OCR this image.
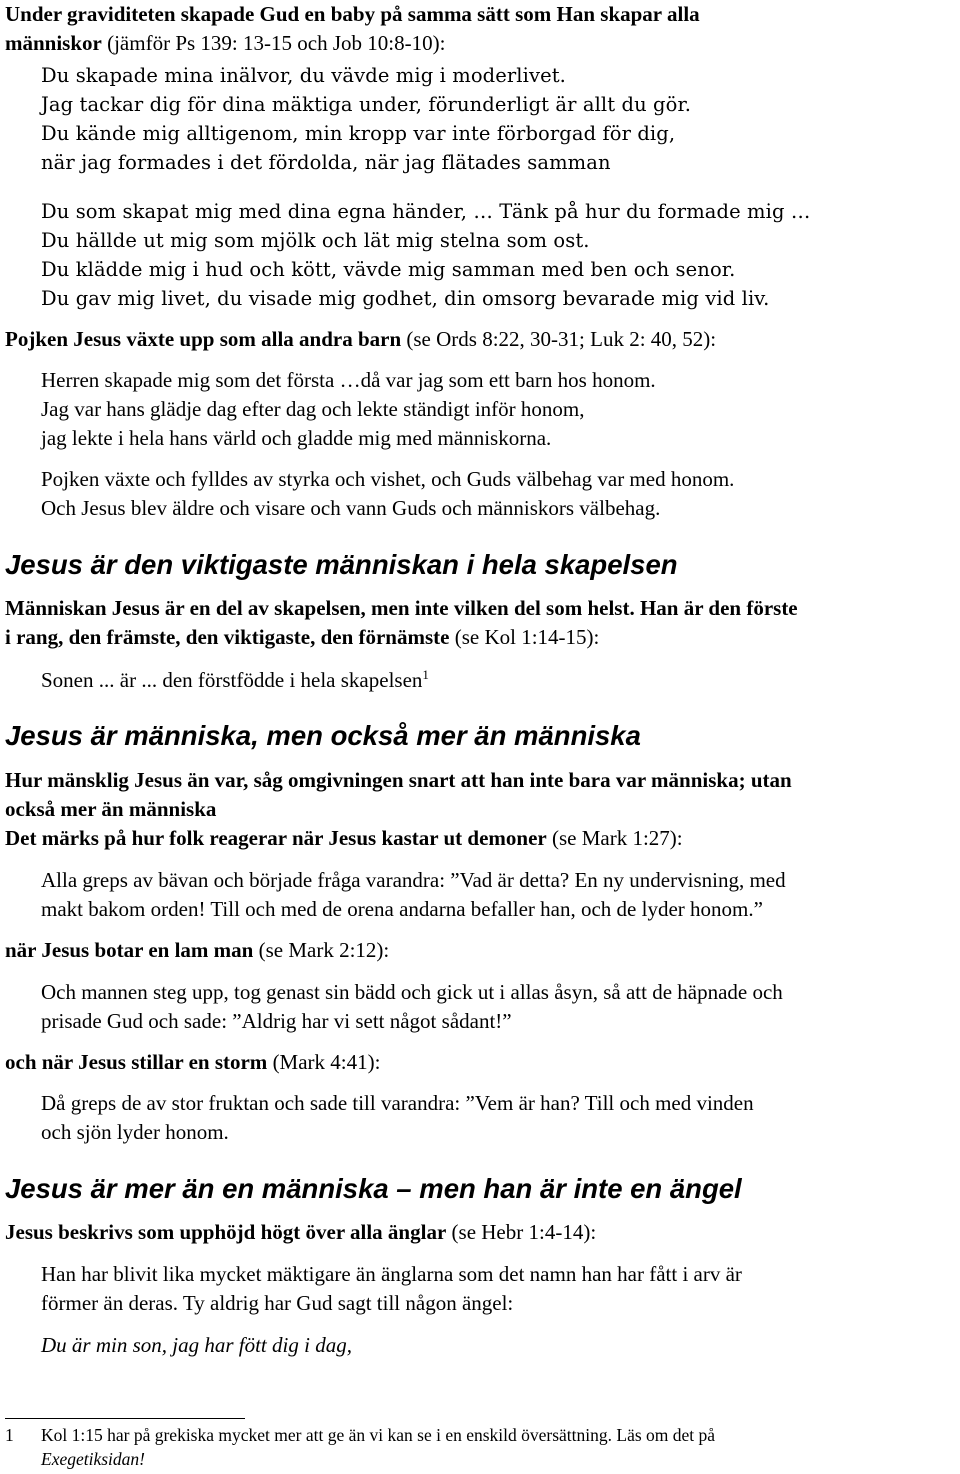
Under graviditeten skapade Gud en baby på samma sätt som Han skapar alla
människor (jämför Ps 139: 13-15 och Job 10:8-10):
Du skapade mina inälvor, du vävde mig i moderlivet.
Jag tackar dig för dina mäktiga under, förunderligt är allt du gör.
Du kände mig alltigenom, min kropp var inte förborgad för dig,
när jag formades i det fördolda, när jag flätades samman
Du som skapat mig med dina egna händer, … Tänk på hur du formade mig …
Du hällde ut mig som mjölk och lät mig stelna som ost.
Du klädde mig i hud och kött, vävde mig samman med ben och senor.
Du gav mig livet, du visade mig godhet, din omsorg bevarade mig vid liv.
Pojken Jesus växte upp som alla andra barn (se Ords 8:22, 30-31; Luk 2: 40, 52):
Herren skapade mig som det första …då var jag som ett barn hos honom.
Jag var hans glädje dag efter dag och lekte ständigt inför honom,
jag lekte i hela hans värld och gladde mig med människorna.
Pojken växte och fylldes av styrka och vishet, och Guds välbehag var med honom.
Och Jesus blev äldre och visare och vann Guds och människors välbehag.
Jesus är den viktigaste människan i hela skapelsen
Människan Jesus är en del av skapelsen, men inte vilken del som helst. Han är den förste
i rang, den främste, den viktigaste, den förnämste (se Kol 1:14-15):
Sonen ... är ... den förstfödde i hela skapelsen$^1$
Jesus är människa, men också mer än människa
Hur mänsklig Jesus än var, såg omgivningen snart att han inte bara var människa; utan
också mer än människa
Det märks på hur folk reagerar när Jesus kastar ut demoner (se Mark 1:27):
Alla greps av bävan och började fråga varandra: ”Vad är detta? En ny undervisning, med
makt bakom orden! Till och med de orena andarna befaller han, och de lyder honom.”
när Jesus botar en lam man (se Mark 2:12):
Och mannen steg upp, tog genast sin bädd och gick ut i allas åsyn, så att de häpnade och
prisade Gud och sade: ”Aldrig har vi sett något sådant!”
och när Jesus stillar en storm (Mark 4:41):
Då greps de av stor fruktan och sade till varandra: ”Vem är han? Till och med vinden
och sjön lyder honom.
Jesus är mer än en människa – men han är inte en ängel
Jesus beskrivs som upphöjd högt över alla änglar (se Hebr 1:4-14):
Han har blivit lika mycket mäktigare än änglarna som det namn han har fått i arv är
förmer än deras. Ty aldrig har Gud sagt till någon ängel:
Du är min son, jag har fött dig i dag,
1 Kol 1:15 har på grekiska mycket mer att ge än vi kan se i en enskild översättning. Läs om det på
Exegetiksidan!
